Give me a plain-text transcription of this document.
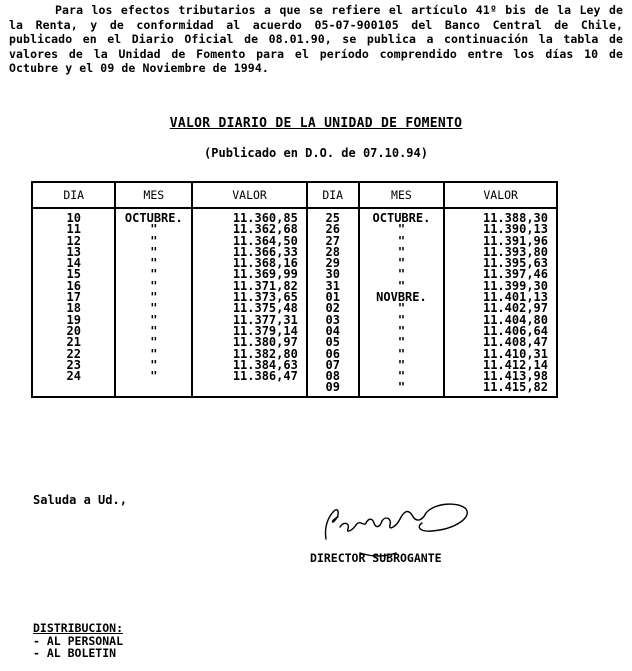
Para los efectos tributarios a que se refiere el artículo 41º bis de la Ley de la Renta, y de conformidad al acuerdo 05-07-900105 del Banco Central de Chile, publicado en el Diario Oficial de 08.01.90, se publica a continuación la tabla de valores de la Unidad de Fomento para el período comprendido entre los días 10 de Octubre y el 09 de Noviembre de 1994.
VALOR DIARIO DE LA UNIDAD DE FOMENTO
(Publicado en D.O. de 07.10.94)
DIA	MES	VALOR	DIA	MES	VALOR
10	OCTUBRE.	11.360,85	25	OCTUBRE.	11.388,30
11	"	11.362,68	26	"	11.390,13
12	"	11.364,50	27	"	11.391,96
13	"	11.366,33	28	"	11.393,80
14	"	11.368,16	29	"	11.395,63
15	"	11.369,99	30	"	11.397,46
16	"	11.371,82	31	"	11.399,30
17	"	11.373,65	01	NOVBRE.	11.401,13
18	"	11.375,48	02	"	11.402,97
19	"	11.377,31	03	"	11.404,80
20	"	11.379,14	04	"	11.406,64
21	"	11.380,97	05	"	11.408,47
22	"	11.382,80	06	"	11.410,31
23	"	11.384,63	07	"	11.412,14
24	"	11.386,47	08	"	11.413,98
			09	"	11.415,82
Saluda a Ud.,
DIRECTOR SUBROGANTE
DISTRIBUCION:
- AL PERSONAL
- AL BOLETIN
